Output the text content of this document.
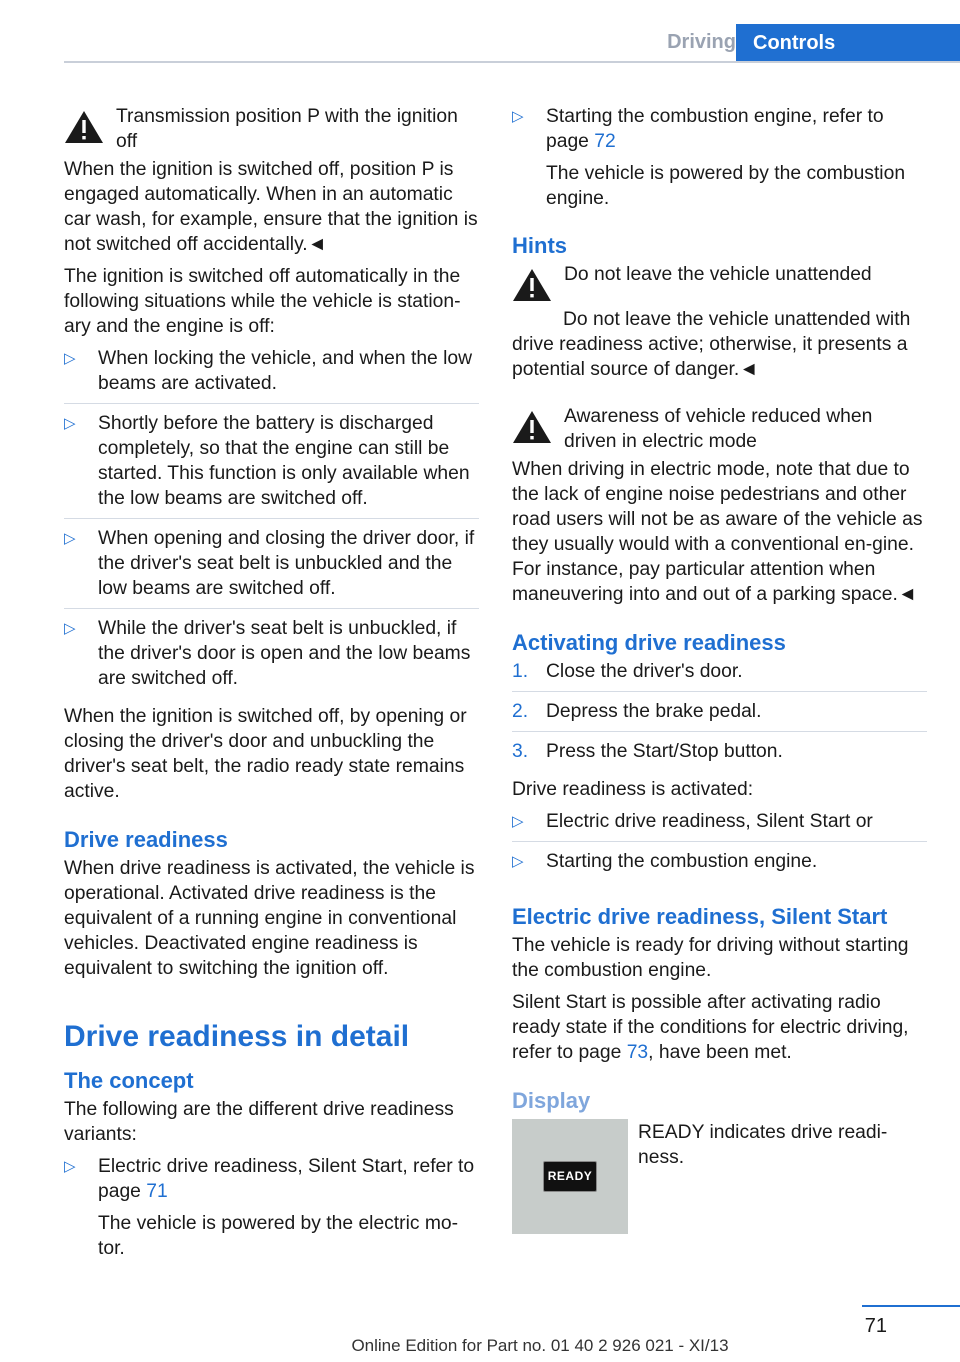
Driving Controls
Transmission position P with the ignition off

When the ignition is switched off, position P is engaged automatically. When in an automatic car wash, for example, ensure that the ignition is not switched off accidentally.◄

The ignition is switched off automatically in the following situations while the vehicle is station‐ary and the engine is off:

▷	When locking the vehicle, and when the low beams are activated.
▷	Shortly before the battery is discharged completely, so that the engine can still be started. This function is only available when the low beams are switched off.
▷	When opening and closing the driver door, if the driver's seat belt is unbuckled and the low beams are switched off.
▷	While the driver's seat belt is unbuckled, if the driver's door is open and the low beams are switched off.

When the ignition is switched off, by opening or closing the driver's door and unbuckling the driver's seat belt, the radio ready state remains active.

Drive readiness

When drive readiness is activated, the vehicle is operational. Activated drive readiness is the equivalent of a running engine in conventional vehicles. Deactivated engine readiness is equivalent to switching the ignition off.

Drive readiness in detail
The concept

The following are the different drive readiness variants:

▷	Electric drive readiness, Silent Start, refer to page 71
The vehicle is powered by the electric mo‐tor.
▷	Starting the combustion engine, refer to page 72
The vehicle is powered by the combustion engine.
Hints
Do not leave the vehicle unattended

Do not leave the vehicle unattended with drive readiness active; otherwise, it presents a potential source of danger.◄

Awareness of vehicle reduced when driven in electric mode

When driving in electric mode, note that due to the lack of engine noise pedestrians and other road users will not be as aware of the vehicle as they usually would with a conventional en‐gine. For instance, pay particular attention when maneuvering into and out of a parking space.◄

Activating drive readiness
1. Close the driver's door.
2. Depress the brake pedal.
3. Press the Start/Stop button.

Drive readiness is activated:

▷	Electric drive readiness, Silent Start or
▷	Starting the combustion engine.
Electric drive readiness, Silent Start

The vehicle is ready for driving without starting the combustion engine.

Silent Start is possible after activating radio ready state if the conditions for electric driving, refer to page 73, have been met.

Display
READY
READY indicates drive readi‐ness.
71
Online Edition for Part no. 01 40 2 926 021 - XI/13
